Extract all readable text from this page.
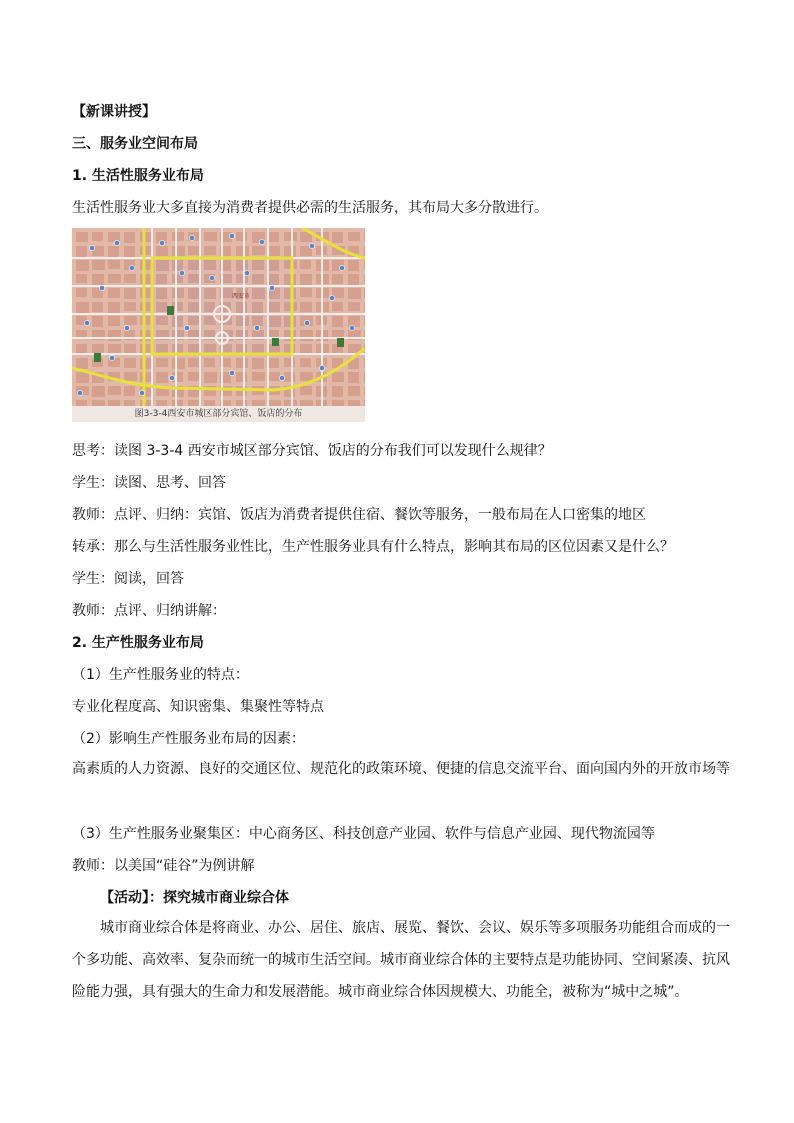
【新课讲授】
三、服务业空间布局
1. 生活性服务业布局
生活性服务业大多直接为消费者提供必需的生活服务，其布局大多分散进行。
西安市
图3-3-4西安市城区部分宾馆、饭店的分布
思考：读图 3-3-4 西安市城区部分宾馆、饭店的分布我们可以发现什么规律？
学生：读图、思考、回答
教师：点评、归纳：宾馆、饭店为消费者提供住宿、餐饮等服务，一般布局在人口密集的地区
转承：那么与生活性服务业性比，生产性服务业具有什么特点，影响其布局的区位因素又是什么？
学生：阅读，回答
教师：点评、归纳讲解：
2. 生产性服务业布局
（1）生产性服务业的特点：
专业化程度高、知识密集、集聚性等特点
（2）影响生产性服务业布局的因素：
高素质的人力资源、良好的交通区位、规范化的政策环境、便捷的信息交流平台、面向国内外的开放市场等
（3）生产性服务业聚集区：中心商务区、科技创意产业园、软件与信息产业园、现代物流园等
教师：以美国“硅谷”为例讲解
【活动】：探究城市商业综合体
城市商业综合体是将商业、办公、居住、旅店、展览、餐饮、会议、娱乐等多项服务功能组合而成的一个多功能、高效率、复杂而统一的城市生活空间。城市商业综合体的主要特点是功能协同、空间紧凑、抗风险能力强，具有强大的生命力和发展潜能。城市商业综合体因规模大、功能全，被称为“城中之城”。
